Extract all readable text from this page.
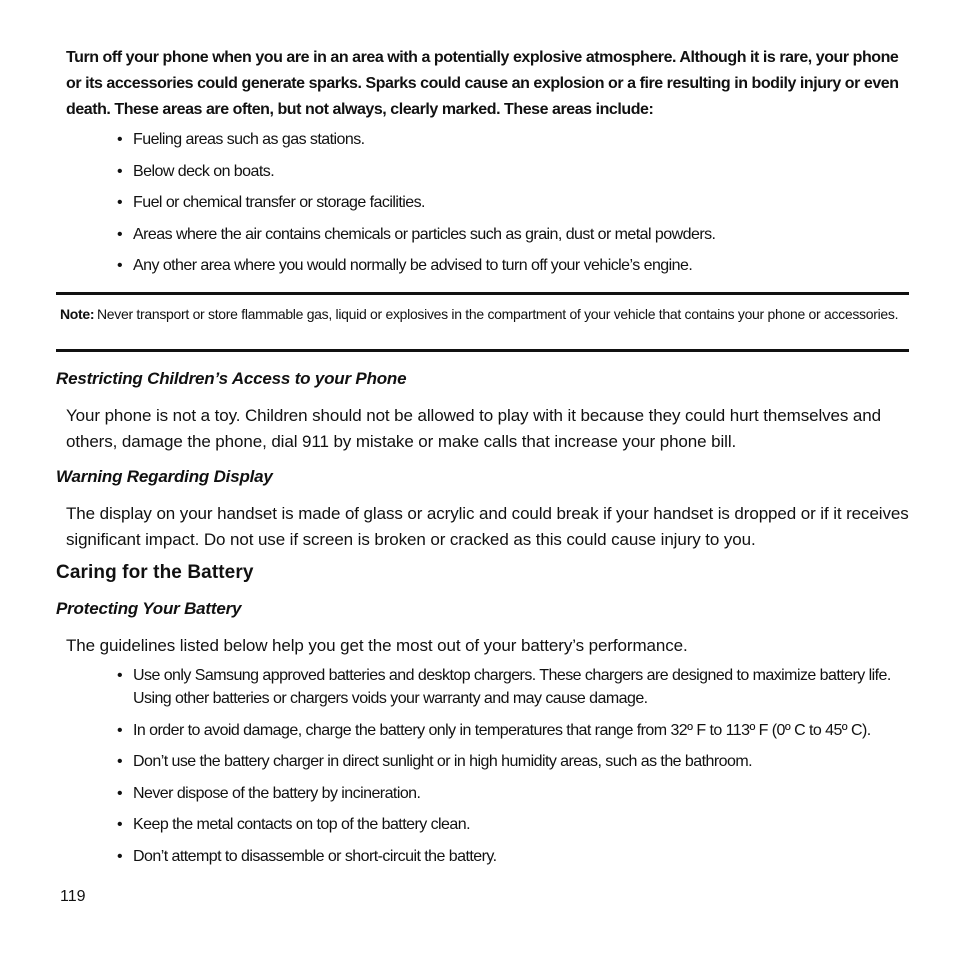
Turn off your phone when you are in an area with a potentially explosive atmosphere. Although it is rare, your phone or its accessories could generate sparks. Sparks could cause an explosion or a fire resulting in bodily injury or even death. These areas are often, but not always, clearly marked. These areas include:
• Fueling areas such as gas stations.
• Below deck on boats.
• Fuel or chemical transfer or storage facilities.
• Areas where the air contains chemicals or particles such as grain, dust or metal powders.
• Any other area where you would normally be advised to turn off your vehicle’s engine.
Note: Never transport or store flammable gas, liquid or explosives in the compartment of your vehicle that contains your phone or accessories.
Restricting Children’s Access to your Phone
Your phone is not a toy. Children should not be allowed to play with it because they could hurt themselves and others, damage the phone, dial 911 by mistake or make calls that increase your phone bill.
Warning Regarding Display
The display on your handset is made of glass or acrylic and could break if your handset is dropped or if it receives significant impact. Do not use if screen is broken or cracked as this could cause injury to you.
Caring for the Battery
Protecting Your Battery
The guidelines listed below help you get the most out of your battery’s performance.
• Use only Samsung approved batteries and desktop chargers. These chargers are designed to maximize battery life. Using other batteries or chargers voids your warranty and may cause damage.
• In order to avoid damage, charge the battery only in temperatures that range from 32º F to 113º F (0º C to 45º C).
• Don’t use the battery charger in direct sunlight or in high humidity areas, such as the bathroom.
• Never dispose of the battery by incineration.
• Keep the metal contacts on top of the battery clean.
• Don’t attempt to disassemble or short-circuit the battery.
119
